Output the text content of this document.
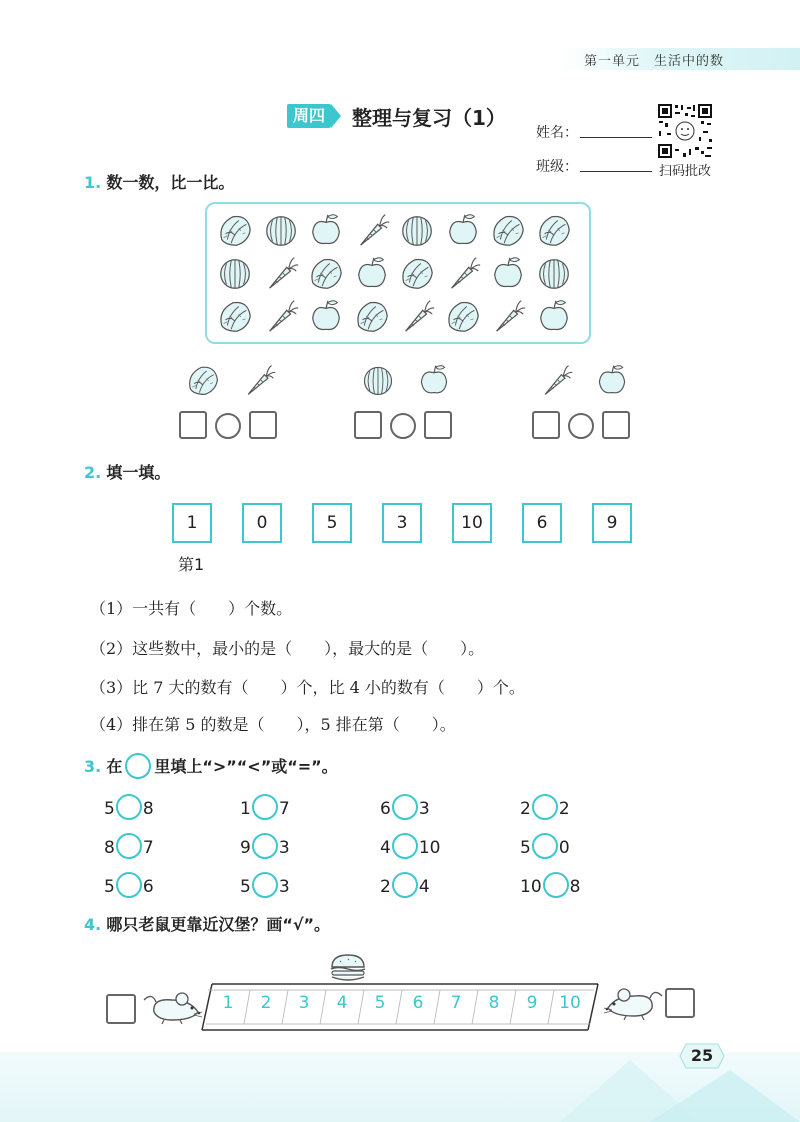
第一单元 生活中的数
周四	整理与复习（1）
姓名：
班级：	扫码批改
1. 数一数，比一比。
2. 填一填。
1	0	5	3	10	6	9
第1
（1）一共有（　　）个数。
（2）这些数中，最小的是（　　），最大的是（　　）。
（3）比 7 大的数有（　　）个，比 4 小的数有（　　）个。
（4）排在第 5 的数是（　　），5 排在第（　　）。
3. 在 里填上“>”“<”或“=”。
5 8	1 7	6 3	2 2
8 7	9 3	4 10	5 0
5 6	5 3	2 4	10 8
4. 哪只老鼠更靠近汉堡？画“√”。
1	2	3	4	5	6	7	8	9	10
25
